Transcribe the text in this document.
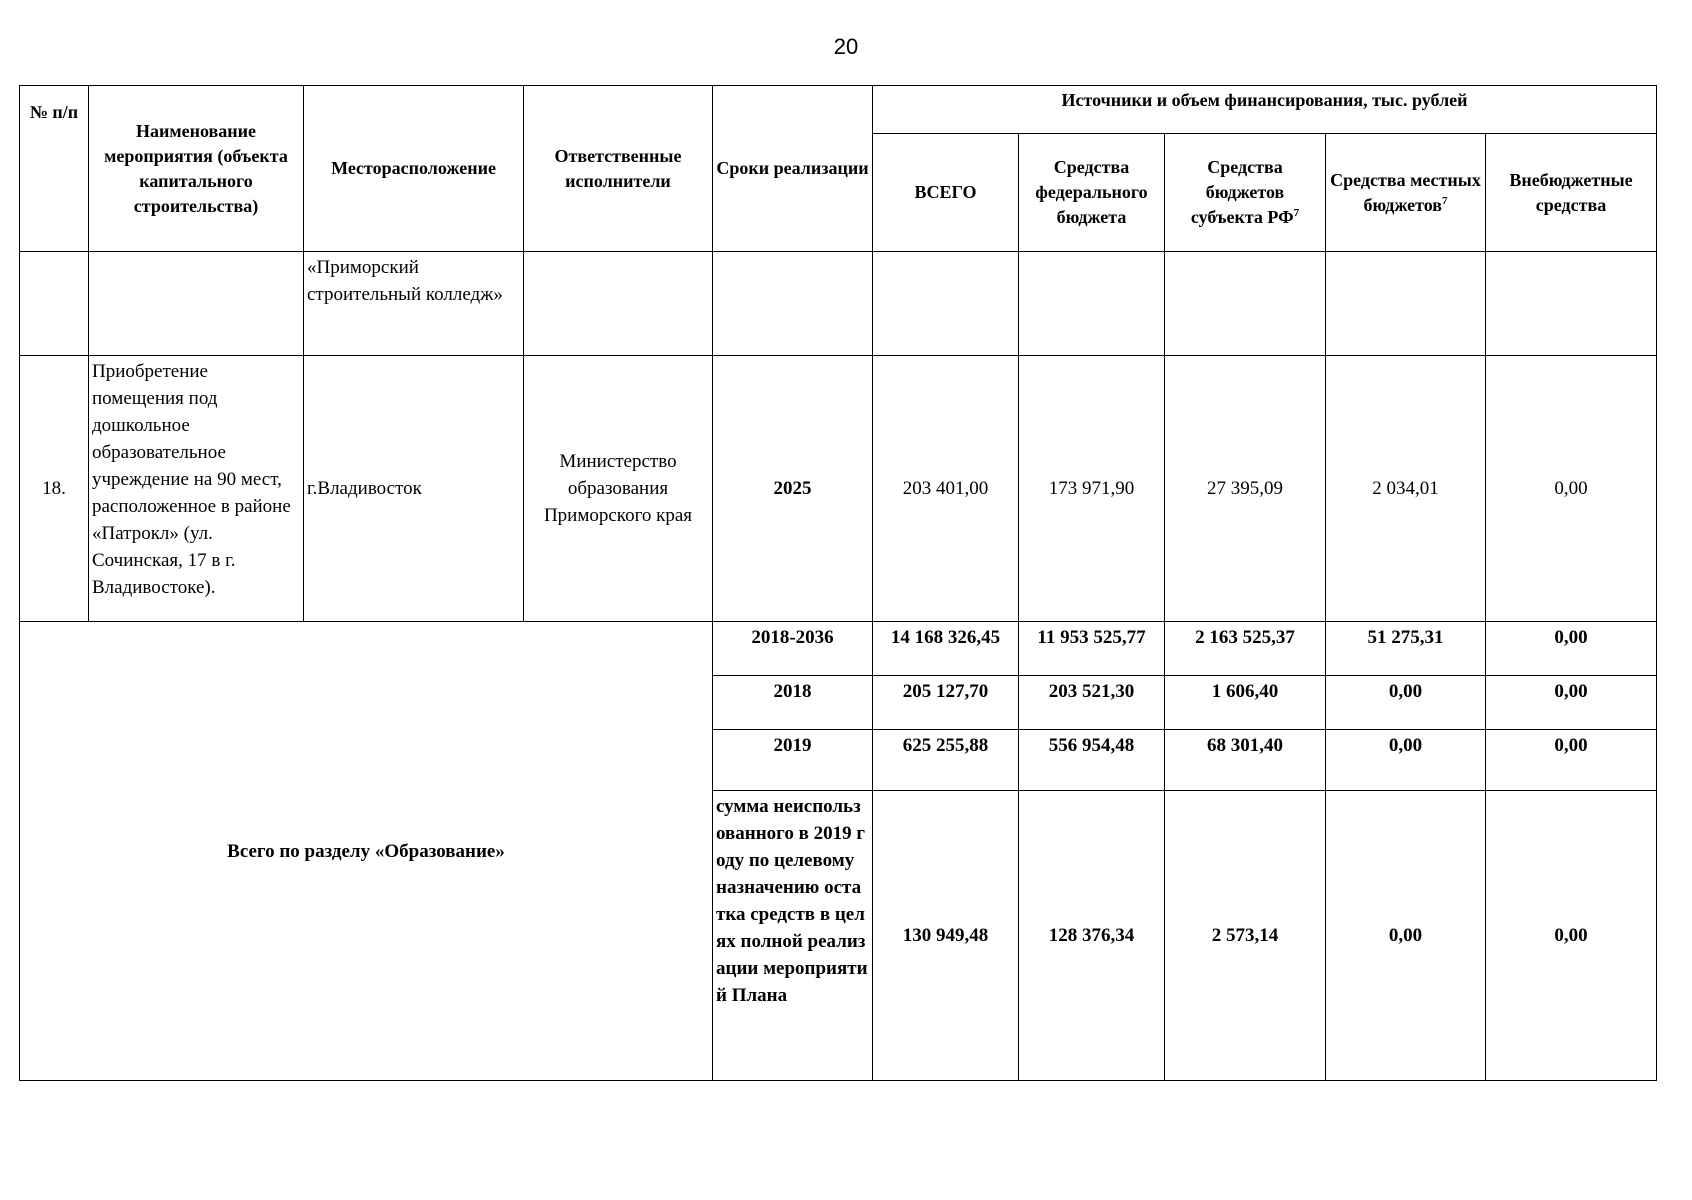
20
№ п/п	Наименование мероприятия (объекта капитального строительства)	Месторасположение	Ответственные исполнители	Сроки реализации	Источники и объем финансирования, тыс. рублей				
					ВСЕГО	Средства федерального бюджета	Средства бюджетов субъекта $РФ^7$	Средства местных бюджетов$^7$	Внебюджетные средства
		«Приморский строительный колледж»							
18.	Приобретение помещения под дошкольное образовательное учреждение на 90 мест, расположенное в районе «Патрокл» (ул. Сочинская, 17 в г. Владивостоке).	г.Владивосток	Министерство образования Приморского края	2025	203 401,00	173 971,90	27 395,09	2 034,01	0,00
Всего по разделу «Образование»				2018-2036	14 168 326,45	11 953 525,77	2 163 525,37	51 275,31	0,00
				2018	205 127,70	203 521,30	1 606,40	0,00	0,00
				2019	625 255,88	556 954,48	68 301,40	0,00	0,00
				сумма неиспользованного в 2019 году по целевому назначению остатка средств в целях полной реализации мероприятий Плана	130 949,48	128 376,34	2 573,14	0,00	0,00
